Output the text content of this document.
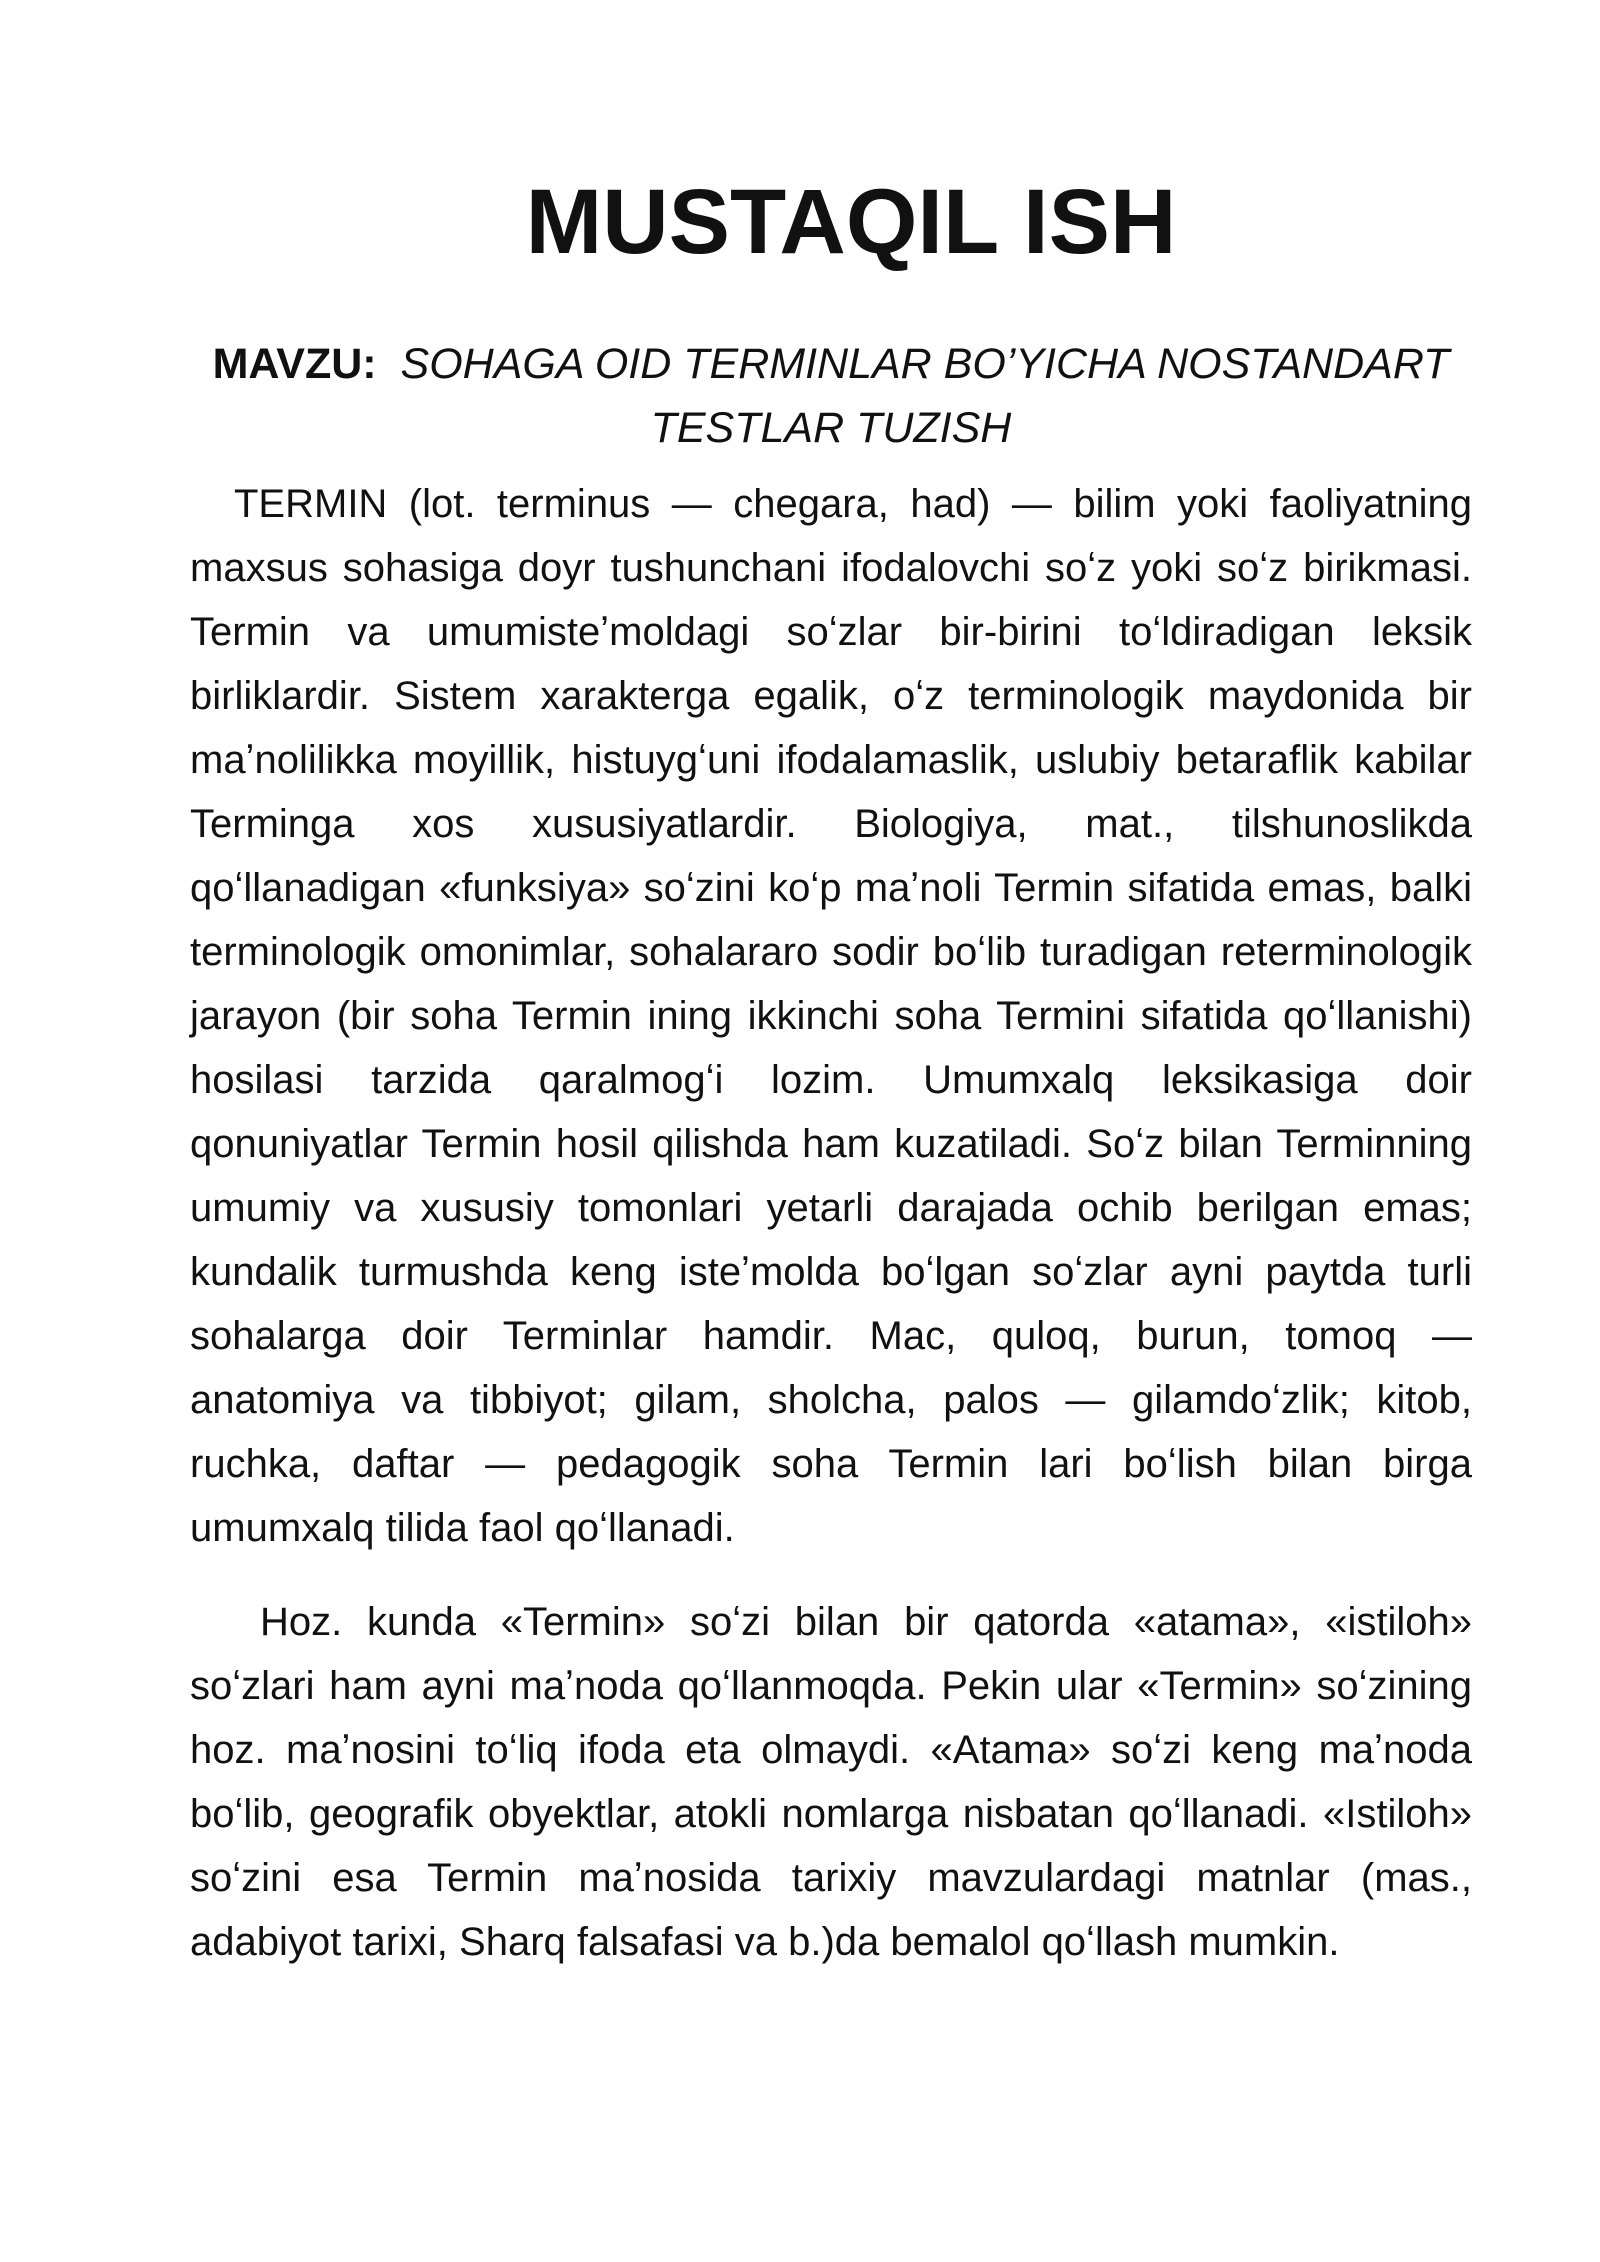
MUSTAQIL ISH
MAVZU: SOHAGA OID TERMINLAR BO’YICHA NOSTANDART TESTLAR TUZISH

TERMIN (lot. terminus — chegara, had) — bilim yoki faoliyatning maxsus sohasiga doyr tushunchani ifodalovchi soʻz yoki soʻz birikmasi. Termin va umumisteʼmoldagi soʻzlar bir-birini toʻldiradigan leksik birliklardir. Sistem xarakterga egalik, oʻz terminologik maydonida bir maʼnolilikka moyillik, histuygʻuni ifodalamaslik, uslubiy betaraflik kabilar Terminga xos xususiyatlardir. Biologiya, mat., tilshunoslikda qoʻllanadigan «funksiya» soʻzini koʻp maʼnoli Termin sifatida emas, balki terminologik omonimlar, sohalararo sodir boʻlib turadigan reterminologik jarayon (bir soha Termin ining ikkinchi soha Termini sifatida qoʻllanishi) hosilasi tarzida qaralmogʻi lozim. Umumxalq leksikasiga doir qonuniyatlar Termin hosil qilishda ham kuzatiladi. Soʻz bilan Terminning umumiy va xususiy tomonlari yetarli darajada ochib berilgan emas; kundalik turmushda keng isteʼmolda boʻlgan soʻzlar ayni paytda turli sohalarga doir Terminlar hamdir. Mac, quloq, burun, tomoq — anatomiya va tibbiyot; gilam, sholcha, palos — gilamdoʻzlik; kitob, ruchka, daftar — pedagogik soha Termin lari boʻlish bilan birga umumxalq tilida faol qoʻllanadi.

Hoz. kunda «Termin» soʻzi bilan bir qatorda «atama», «istiloh» soʻzlari ham ayni maʼnoda qoʻllanmoqda. Pekin ular «Termin» soʻzining hoz. maʼnosini toʻliq ifoda eta olmaydi. «Atama» soʻzi keng maʼnoda boʻlib, geografik obyektlar, atokli nomlarga nisbatan qoʻllanadi. «Istiloh» soʻzini esa Termin maʼnosida tarixiy mavzulardagi matnlar (mas., adabiyot tarixi, Sharq falsafasi va b.)da bemalol qoʻllash mumkin.
